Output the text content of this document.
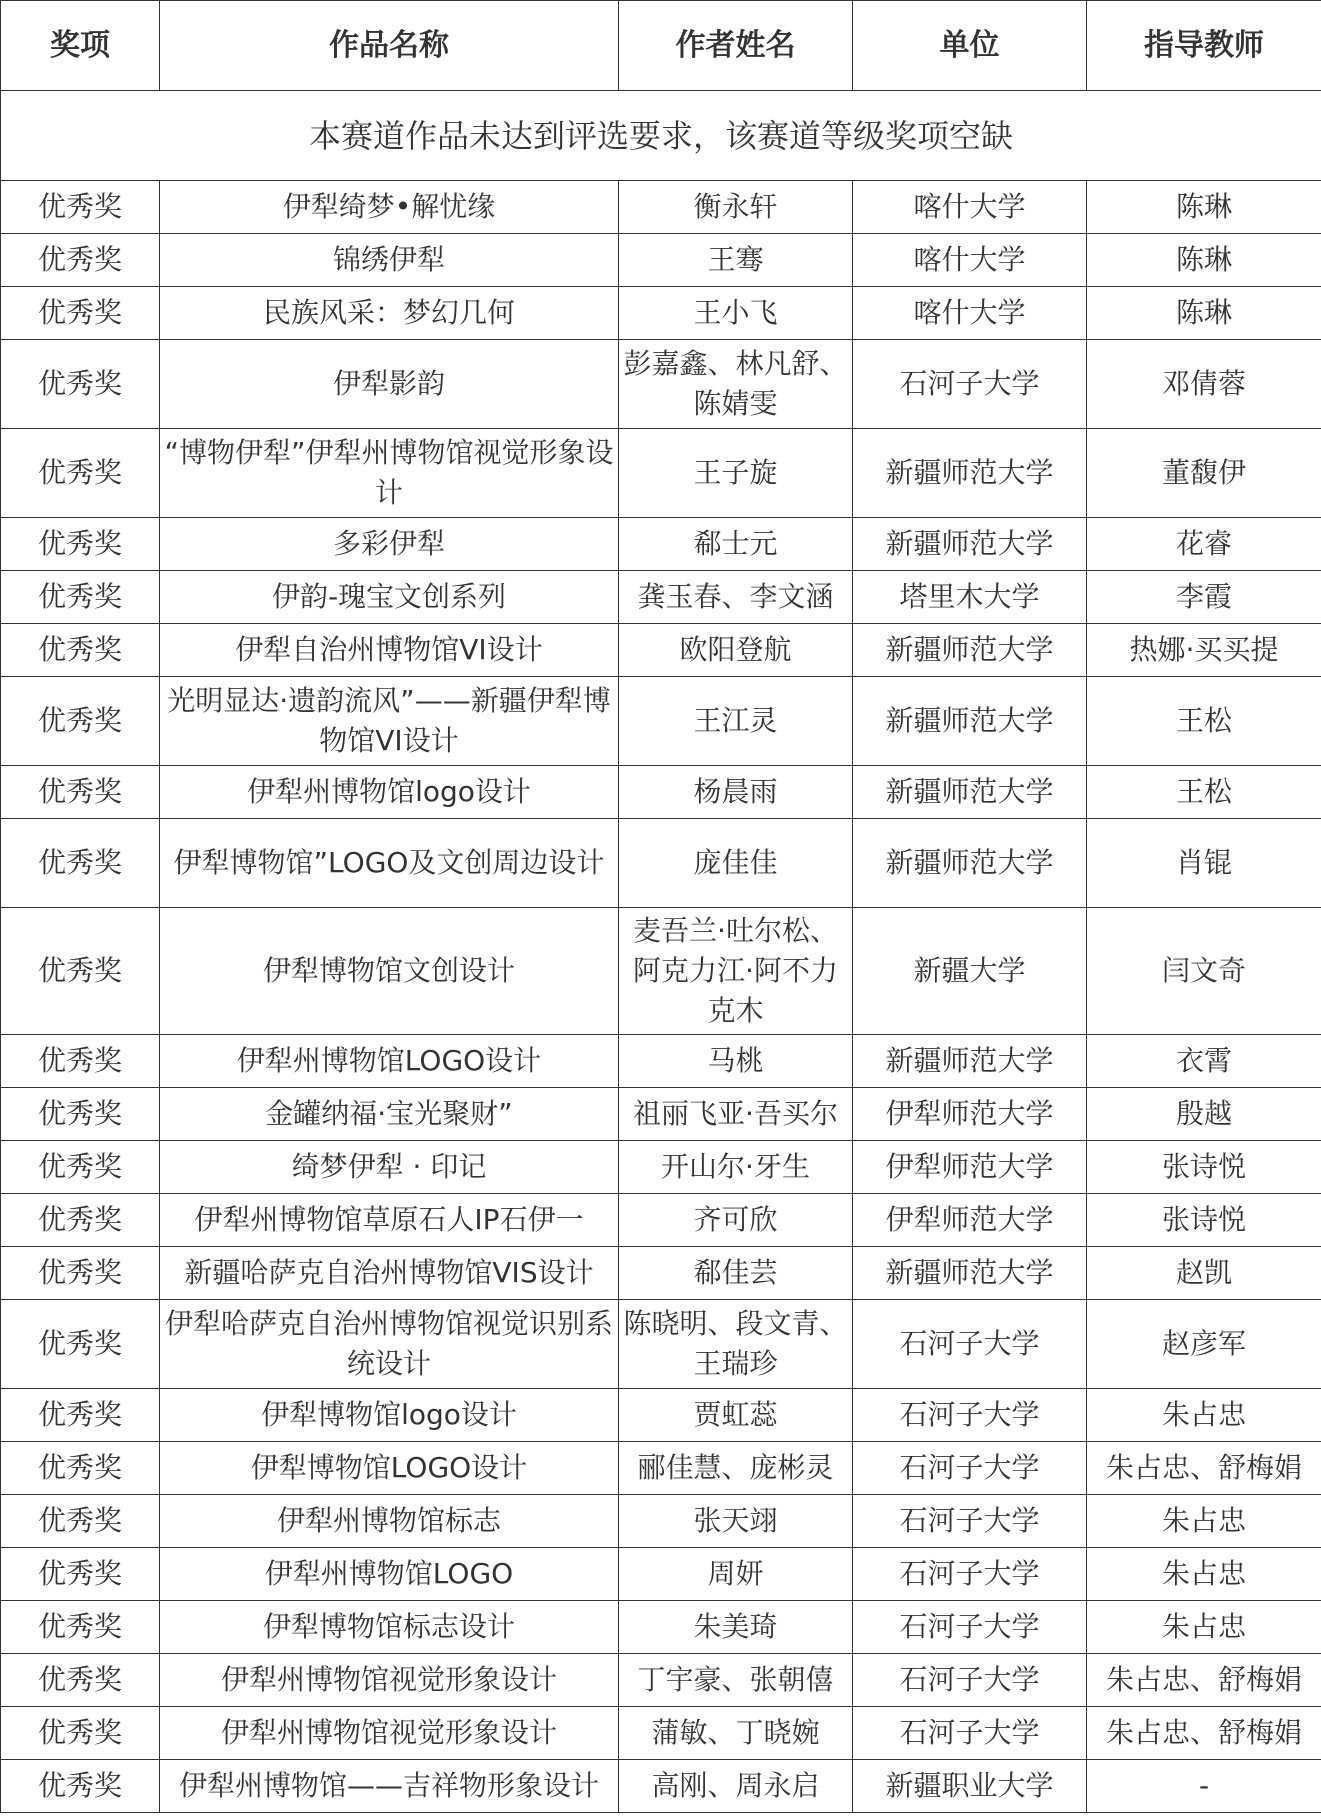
奖项	作品名称	作者姓名	单位	指导教师
本赛道作品未达到评选要求，该赛道等级奖项空缺				
优秀奖	伊犁绮梦•解忧缘	衡永轩	喀什大学	陈琳
优秀奖	锦绣伊犁	王骞	喀什大学	陈琳
优秀奖	民族风采：梦幻几何	王小飞	喀什大学	陈琳
优秀奖	伊犁影韵	彭嘉鑫、林凡舒、陈婧雯	石河子大学	邓倩蓉
优秀奖	“博物伊犁”伊犁州博物馆视觉形象设计	王子旋	新疆师范大学	董馥伊
优秀奖	多彩伊犁	郗士元	新疆师范大学	花睿
优秀奖	伊韵-瑰宝文创系列	龚玉春、李文涵	塔里木大学	李霞
优秀奖	伊犁自治州博物馆VI设计	欧阳登航	新疆师范大学	热娜·买买提
优秀奖	光明显达·遗韵流风”——新疆伊犁博物馆VI设计	王江灵	新疆师范大学	王松
优秀奖	伊犁州博物馆logo设计	杨晨雨	新疆师范大学	王松
优秀奖	伊犁博物馆”LOGO及文创周边设计	庞佳佳	新疆师范大学	肖锟
优秀奖	伊犁博物馆文创设计	麦吾兰·吐尔松、阿克力江·阿不力克木	新疆大学	闫文奇
优秀奖	伊犁州博物馆LOGO设计	马桃	新疆师范大学	衣霄
优秀奖	金罐纳福·宝光聚财”	祖丽飞亚·吾买尔	伊犁师范大学	殷越
优秀奖	绮梦伊犁 · 印记	开山尔·牙生	伊犁师范大学	张诗悦
优秀奖	伊犁州博物馆草原石人IP石伊一	齐可欣	伊犁师范大学	张诗悦
优秀奖	新疆哈萨克自治州博物馆VIS设计	郗佳芸	新疆师范大学	赵凯
优秀奖	伊犁哈萨克自治州博物馆视觉识别系统设计	陈晓明、段文青、王瑞珍	石河子大学	赵彦军
优秀奖	伊犁博物馆logo设计	贾虹蕊	石河子大学	朱占忠
优秀奖	伊犁博物馆LOGO设计	郦佳慧、庞彬灵	石河子大学	朱占忠、舒梅娟
优秀奖	伊犁州博物馆标志	张天翊	石河子大学	朱占忠
优秀奖	伊犁州博物馆LOGO	周妍	石河子大学	朱占忠
优秀奖	伊犁博物馆标志设计	朱美琦	石河子大学	朱占忠
优秀奖	伊犁州博物馆视觉形象设计	丁宇豪、张朝僖	石河子大学	朱占忠、舒梅娟
优秀奖	伊犁州博物馆视觉形象设计	蒲敏、丁晓婉	石河子大学	朱占忠、舒梅娟
优秀奖	伊犁州博物馆——吉祥物形象设计	高刚、周永启	新疆职业大学	-
